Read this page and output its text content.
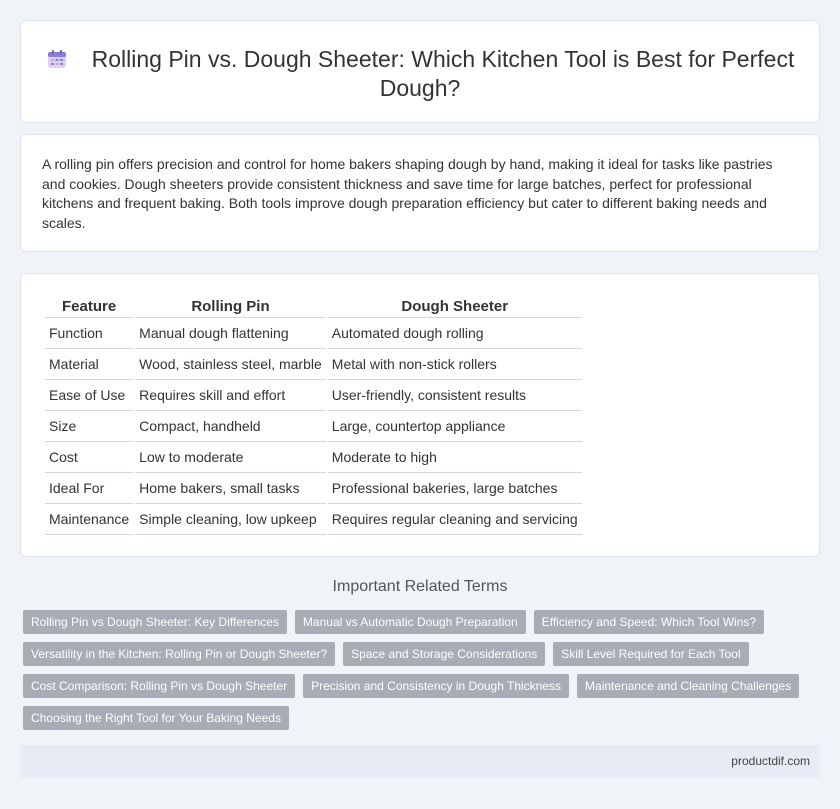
Rolling Pin vs. Dough Sheeter: Which Kitchen Tool is Best for Perfect Dough?

A rolling pin offers precision and control for home bakers shaping dough by hand, making it ideal for tasks like pastries and cookies. Dough sheeters provide consistent thickness and save time for large batches, perfect for professional kitchens and frequent baking. Both tools improve dough preparation efficiency but cater to different baking needs and scales.

Feature	Rolling Pin	Dough Sheeter
Function	Manual dough flattening	Automated dough rolling
Material	Wood, stainless steel, marble	Metal with non-stick rollers
Ease of Use	Requires skill and effort	User-friendly, consistent results
Size	Compact, handheld	Large, countertop appliance
Cost	Low to moderate	Moderate to high
Ideal For	Home bakers, small tasks	Professional bakeries, large batches
Maintenance	Simple cleaning, low upkeep	Requires regular cleaning and servicing
Important Related Terms
Rolling Pin vs Dough Sheeter: Key Differences	Manual vs Automatic Dough Preparation	Efficiency and Speed: Which Tool Wins?
Versatility in the Kitchen: Rolling Pin or Dough Sheeter?	Space and Storage Considerations	Skill Level Required for Each Tool
Cost Comparison: Rolling Pin vs Dough Sheeter	Precision and Consistency in Dough Thickness	Maintenance and Cleaning Challenges
Choosing the Right Tool for Your Baking Needs
productdif.com
